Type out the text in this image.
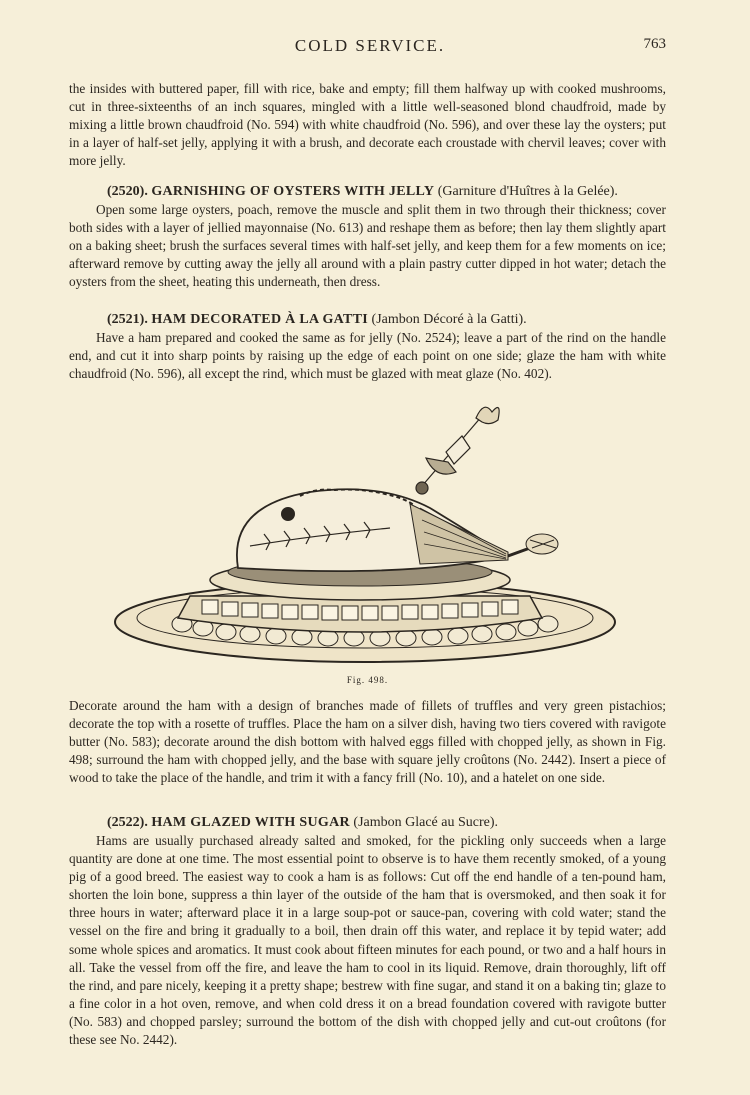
COLD SERVICE.	763

the insides with buttered paper, fill with rice, bake and empty; fill them halfway up with cooked mushrooms, cut in three-sixteenths of an inch squares, mingled with a little well-seasoned blond chaudfroid, made by mixing a little brown chaudfroid (No. 594) with white chaudfroid (No. 596), and over these lay the oysters; put in a layer of half-set jelly, applying it with a brush, and decorate each croustade with chervil leaves; cover with more jelly.

(2520). GARNISHING OF OYSTERS WITH JELLY (Garniture d'Huîtres à la Gelée).

Open some large oysters, poach, remove the muscle and split them in two through their thickness; cover both sides with a layer of jellied mayonnaise (No. 613) and reshape them as before; then lay them slightly apart on a baking sheet; brush the surfaces several times with half-set jelly, and keep them for a few moments on ice; afterward remove by cutting away the jelly all around with a plain pastry cutter dipped in hot water; detach the oysters from the sheet, heating this underneath, then dress.

(2521). HAM DECORATED À LA GATTI (Jambon Décoré à la Gatti).

Have a ham prepared and cooked the same as for jelly (No. 2524); leave a part of the rind on the handle end, and cut it into sharp points by raising up the edge of each point on one side; glaze the ham with white chaudfroid (No. 596), all except the rind, which must be glazed with meat glaze (No. 402).

Fig. 498.

Decorate around the ham with a design of branches made of fillets of truffles and very green pistachios; decorate the top with a rosette of truffles. Place the ham on a silver dish, having two tiers covered with ravigote butter (No. 583); decorate around the dish bottom with halved eggs filled with chopped jelly, as shown in Fig. 498; surround the ham with chopped jelly, and the base with square jelly croûtons (No. 2442). Insert a piece of wood to take the place of the handle, and trim it with a fancy frill (No. 10), and a hatelet on one side.

(2522). HAM GLAZED WITH SUGAR (Jambon Glacé au Sucre).

Hams are usually purchased already salted and smoked, for the pickling only succeeds when a large quantity are done at one time. The most essential point to observe is to have them recently smoked, of a young pig of a good breed. The easiest way to cook a ham is as follows: Cut off the end handle of a ten-pound ham, shorten the loin bone, suppress a thin layer of the outside of the ham that is oversmoked, and then soak it for three hours in water; afterward place it in a large soup-pot or sauce-pan, covering with cold water; stand the vessel on the fire and bring it gradually to a boil, then drain off this water, and replace it by tepid water; add some whole spices and aromatics. It must cook about fifteen minutes for each pound, or two and a half hours in all. Take the vessel from off the fire, and leave the ham to cool in its liquid. Remove, drain thoroughly, lift off the rind, and pare nicely, keeping it a pretty shape; bestrew with fine sugar, and stand it on a baking tin; glaze to a fine color in a hot oven, remove, and when cold dress it on a bread foundation covered with ravigote butter (No. 583) and chopped parsley; surround the bottom of the dish with chopped jelly and cut-out croûtons (for these see No. 2442).
